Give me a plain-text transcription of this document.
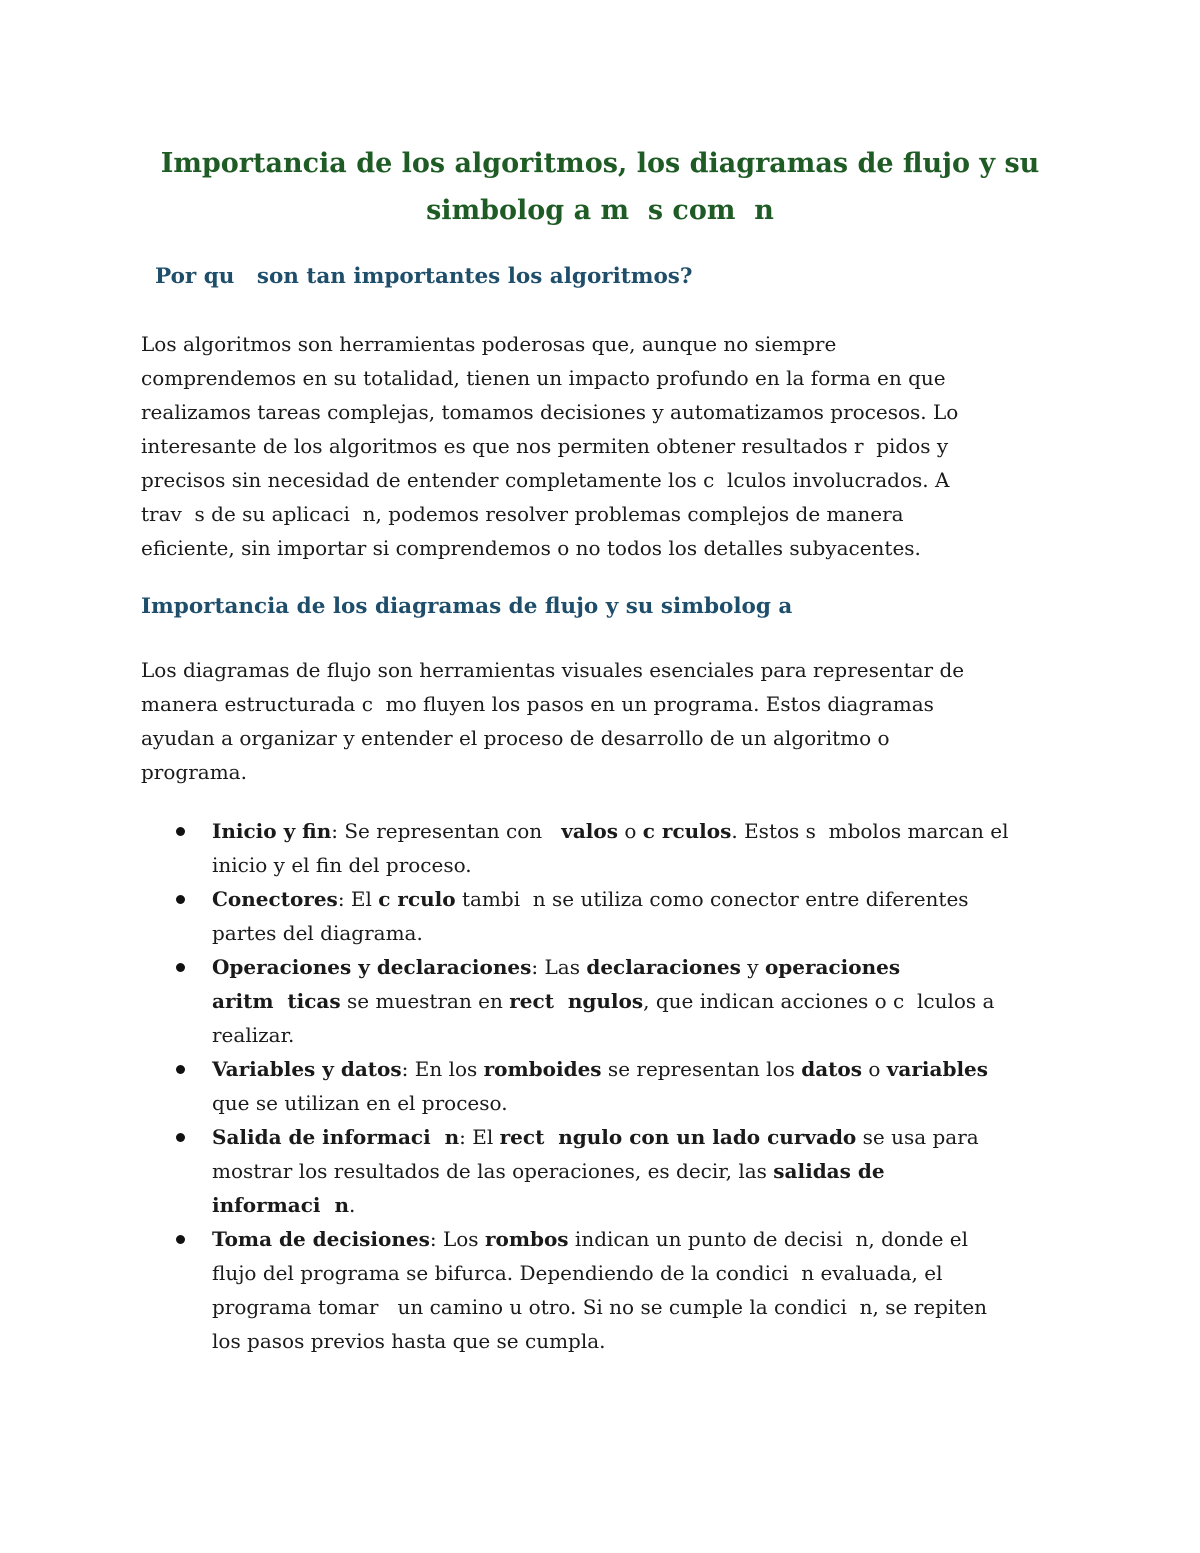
Importancia de los algoritmos, los diagramas de flujo y su
simbolog a m  s com  n
Por qu   son tan importantes los algoritmos?
Los algoritmos son herramientas poderosas que, aunque no siempre
comprendemos en su totalidad, tienen un impacto profundo en la forma en que
realizamos tareas complejas, tomamos decisiones y automatizamos procesos. Lo
interesante de los algoritmos es que nos permiten obtener resultados r  pidos y
precisos sin necesidad de entender completamente los c  lculos involucrados. A
trav  s de su aplicaci  n, podemos resolver problemas complejos de manera
eficiente, sin importar si comprendemos o no todos los detalles subyacentes.
Importancia de los diagramas de flujo y su simbolog a
Los diagramas de flujo son herramientas visuales esenciales para representar de
manera estructurada c  mo fluyen los pasos en un programa. Estos diagramas
ayudan a organizar y entender el proceso de desarrollo de un algoritmo o
programa.
Inicio y fin: Se representan con   valos o c rculos. Estos s  mbolos marcan el
inicio y el fin del proceso.
Conectores: El c rculo tambi  n se utiliza como conector entre diferentes
partes del diagrama.
Operaciones y declaraciones: Las declaraciones y operaciones
aritm  ticas se muestran en rect  ngulos, que indican acciones o c  lculos a
realizar.
Variables y datos: En los romboides se representan los datos o variables
que se utilizan en el proceso.
Salida de informaci  n: El rect  ngulo con un lado curvado se usa para
mostrar los resultados de las operaciones, es decir, las salidas de
informaci  n.
Toma de decisiones: Los rombos indican un punto de decisi  n, donde el
flujo del programa se bifurca. Dependiendo de la condici  n evaluada, el
programa tomar   un camino u otro. Si no se cumple la condici  n, se repiten
los pasos previos hasta que se cumpla.
